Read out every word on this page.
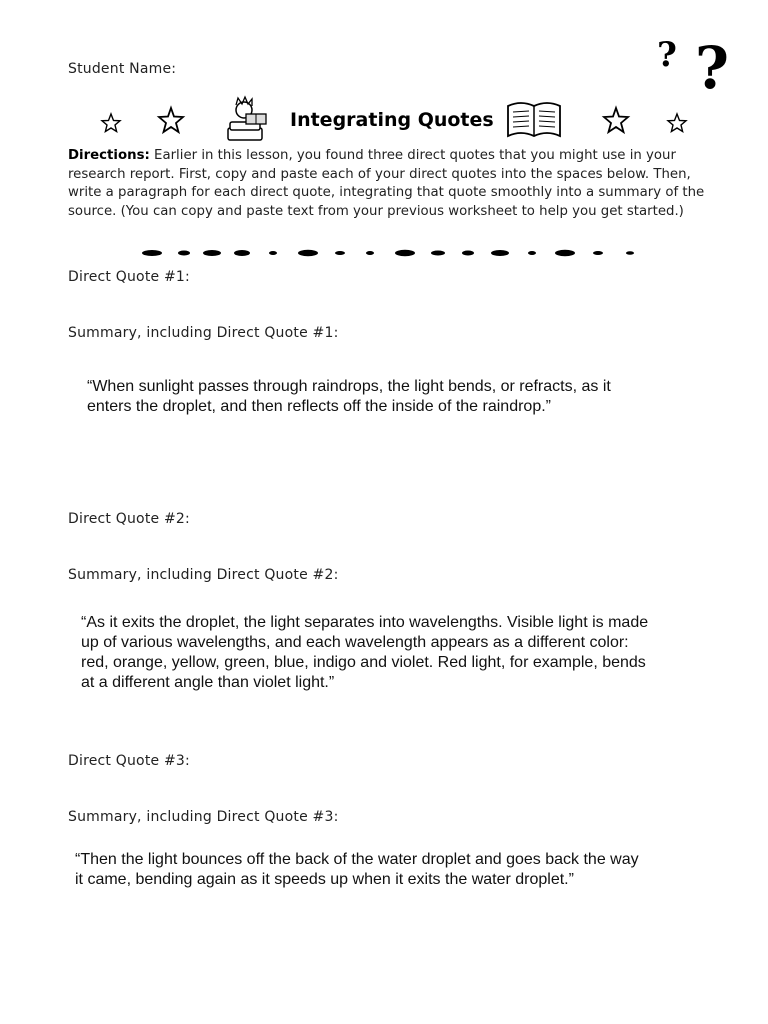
Student Name:	? ?
Integrating Quotes
Directions: Earlier in this lesson, you found three direct quotes that you might use in your research report. First, copy and paste each of your direct quotes into the spaces below. Then, write a paragraph for each direct quote, integrating that quote smoothly into a summary of the source. (You can copy and paste text from your previous worksheet to help you get started.)
Direct Quote #1:
Summary, including Direct Quote #1:
“When sunlight passes through raindrops, the light bends, or refracts, as it enters the droplet, and then reflects off the inside of the raindrop.”
Direct Quote #2:
Summary, including Direct Quote #2:
“As it exits the droplet, the light separates into wavelengths. Visible light is made up of various wavelengths, and each wavelength appears as a different color: red, orange, yellow, green, blue, indigo and violet. Red light, for example, bends at a different angle than violet light.”
Direct Quote #3:
Summary, including Direct Quote #3:
“Then the light bounces off the back of the water droplet and goes back the way it came, bending again as it speeds up when it exits the water droplet.”
